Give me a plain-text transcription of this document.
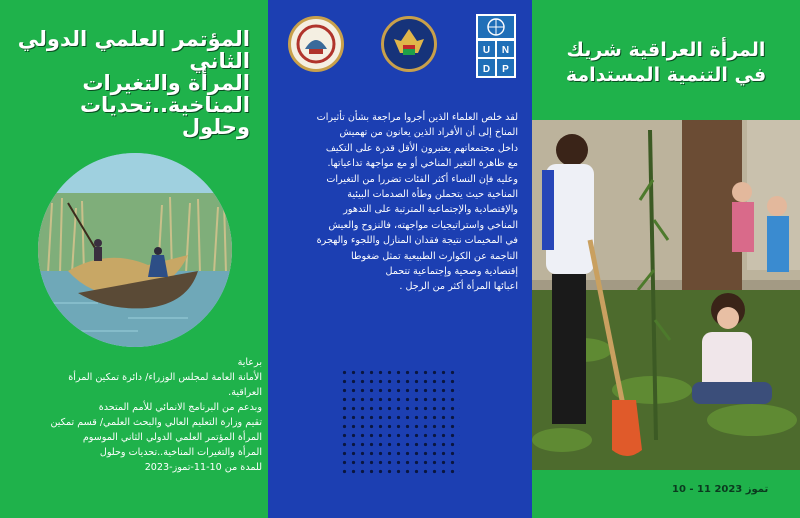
المؤتمر العلمي الدولي
الثاني
المرأة والتغيرات
المناخية..تحديات وحلول
برعاية
الأمانة العامة لمجلس الوزراء/ دائرة تمكين المرأة
العراقية.
وبدعم من البرنامج الانمائي للأمم المتحدة
تقيم وزارة التعليم العالي والبحث العلمي/ قسم تمكين
المرأة المؤتمر العلمي الدولي الثاني الموسوم
المرأة والتغيرات المناخية..تحديات وحلول
للمدة من 10-11-تموز-2023
U N
D P
لقد خلص العلماء الذين أجروا مراجعة بشأن تأثيرات
المناخ إلى أن الأفراد الذين يعانون من تهميش
داخل مجتمعاتهم يعتبرون الأقل قدرة على التكيف
مع ظاهرة التغير المناخي أو مع مواجهة تداعياتها.
وعليه فإن النساء أكثر الفئات تضررا من التغيرات
المناخية حيث يتحملن وطأة الصدمات البيئية
والإقتصادية والإجتماعية المترتبة على التدهور
المناخي واستراتيجيات مواجهته، فالنزوح والعيش
في المخيمات نتيجة فقدان المنازل واللجوء والهجرة
الناجمة عن الكوارث الطبيعية تمثل ضغوطا
إقتصادية وصحية وإجتماعية تتحمل
اعبائها المرأة أكثر من الرجل .
المرأة العراقية شريك
في التنمية المستدامة
10 - 11 تموز 2023
